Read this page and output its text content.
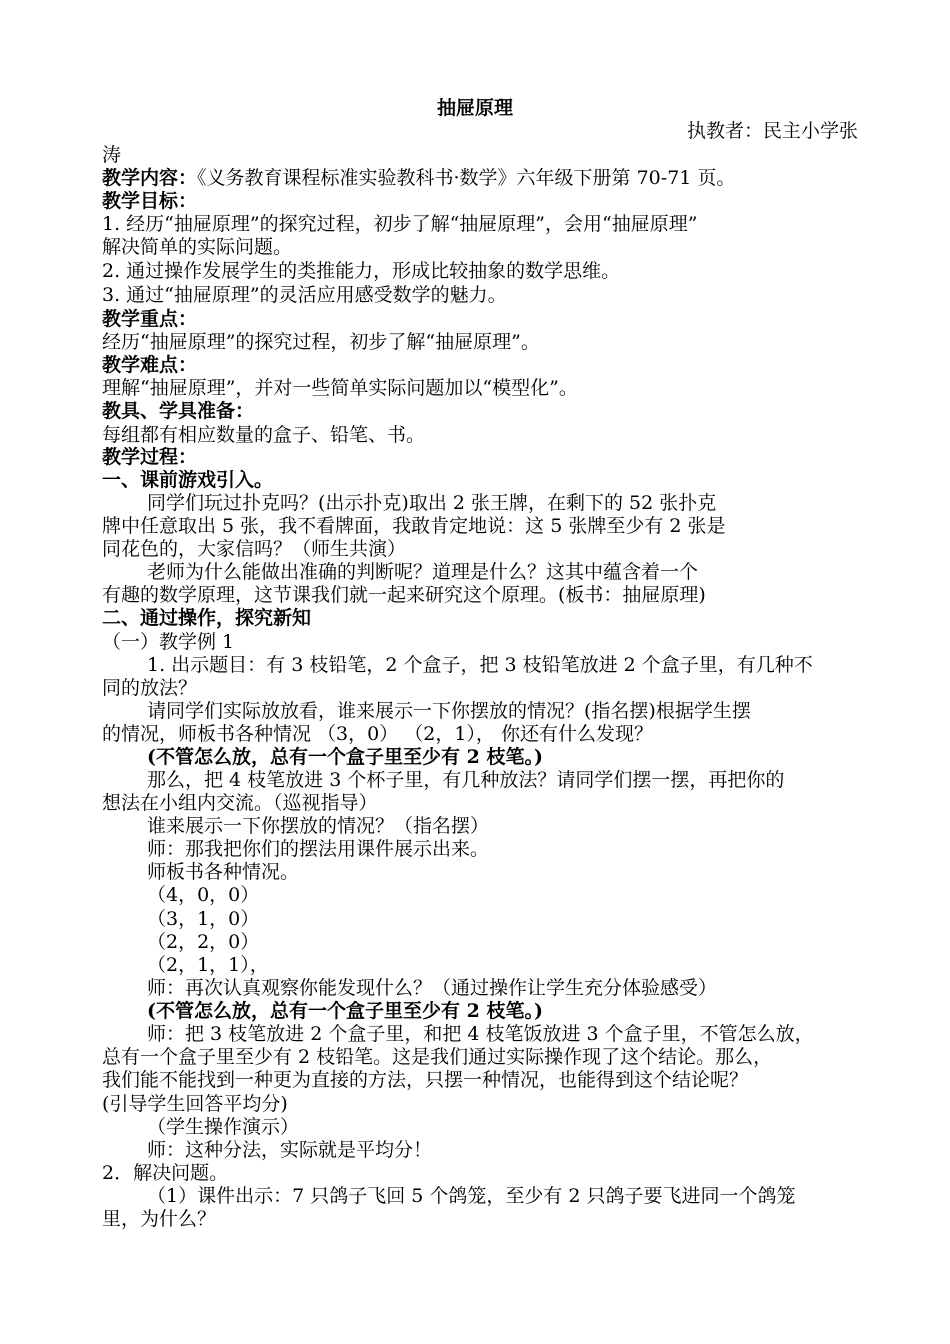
抽屉原理
执教者：民主小学张
涛
教学内容：《义务教育课程标准实验教科书·数学》六年级下册第 70-71 页。
教学目标：
1. 经历“抽屉原理”的探究过程，初步了解“抽屉原理”，会用“抽屉原理”
解决简单的实际问题。
2. 通过操作发展学生的类推能力，形成比较抽象的数学思维。
3. 通过“抽屉原理”的灵活应用感受数学的魅力。
教学重点：
经历“抽屉原理”的探究过程，初步了解“抽屉原理”。
教学难点：
理解“抽屉原理”，并对一些简单实际问题加以“模型化”。
教具、学具准备：
每组都有相应数量的盒子、铅笔、书。
教学过程：
一、课前游戏引入。
同学们玩过扑克吗？(出示扑克)取出 2 张王牌，在剩下的 52 张扑克
牌中任意取出 5 张，我不看牌面，我敢肯定地说：这 5 张牌至少有 2 张是
同花色的，大家信吗？（师生共演）
老师为什么能做出准确的判断呢？道理是什么？这其中蕴含着一个
有趣的数学原理，这节课我们就一起来研究这个原理。(板书：抽屉原理)
二、通过操作，探究新知
（一）教学例 1
1. 出示题目：有 3 枝铅笔，2 个盒子，把 3 枝铅笔放进 2 个盒子里，有几种不
同的放法？
请同学们实际放放看，谁来展示一下你摆放的情况？(指名摆)根据学生摆
的情况，师板书各种情况 （3，0） （2，1）， 你还有什么发现？
(不管怎么放，总有一个盒子里至少有 2 枝笔。)
那么，把 4 枝笔放进 3 个杯子里，有几种放法？请同学们摆一摆，再把你的
想法在小组内交流。（巡视指导）
谁来展示一下你摆放的情况？（指名摆）
师：那我把你们的摆法用课件展示出来。
师板书各种情况。
（4，0，0）
（3，1，0）
（2，2，0）
（2，1，1），
师：再次认真观察你能发现什么？（通过操作让学生充分体验感受）
(不管怎么放，总有一个盒子里至少有 2 枝笔。)
师：把 3 枝笔放进 2 个盒子里，和把 4 枝笔饭放进 3 个盒子里，不管怎么放，
总有一个盒子里至少有 2 枝铅笔。这是我们通过实际操作现了这个结论。那么，
我们能不能找到一种更为直接的方法，只摆一种情况，也能得到这个结论呢？
(引导学生回答平均分)
（学生操作演示）
师：这种分法，实际就是平均分！
2．解决问题。
（1）课件出示：7 只鸽子飞回 5 个鸽笼，至少有 2 只鸽子要飞进同一个鸽笼
里，为什么？
